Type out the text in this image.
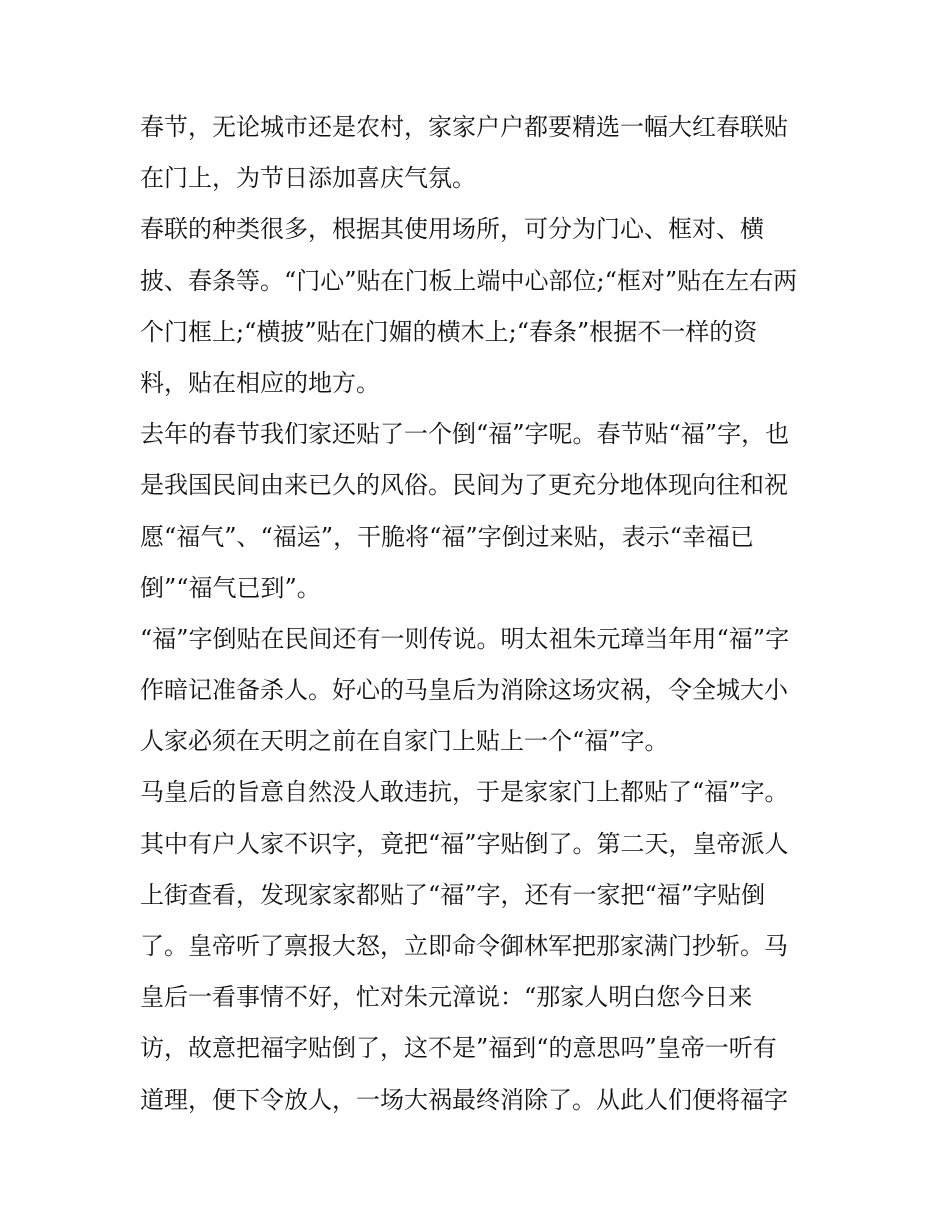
春节，无论城市还是农村，家家户户都要精选一幅大红春联贴
在门上，为节日添加喜庆气氛。
春联的种类很多，根据其使用场所，可分为门心、框对、横
披、春条等。“门心”贴在门板上端中心部位;“框对”贴在左右两
个门框上;“横披”贴在门媚的横木上;“春条”根据不一样的资
料，贴在相应的地方。
去年的春节我们家还贴了一个倒“福”字呢。春节贴“福”字，也
是我国民间由来已久的风俗。民间为了更充分地体现向往和祝
愿“福气”、“福运”，干脆将“福”字倒过来贴，表示“幸福已
倒”“福气已到”。
“福”字倒贴在民间还有一则传说。明太祖朱元璋当年用“福”字
作暗记准备杀人。好心的马皇后为消除这场灾祸，令全城大小
人家必须在天明之前在自家门上贴上一个“福”字。
马皇后的旨意自然没人敢违抗，于是家家门上都贴了“福”字。
其中有户人家不识字，竟把“福”字贴倒了。第二天，皇帝派人
上街查看，发现家家都贴了“福”字，还有一家把“福”字贴倒
了。皇帝听了禀报大怒，立即命令御林军把那家满门抄斩。马
皇后一看事情不好，忙对朱元漳说：“那家人明白您今日来
访，故意把福字贴倒了，这不是”福到“的意思吗”皇帝一听有
道理，便下令放人，一场大祸最终消除了。从此人们便将福字
